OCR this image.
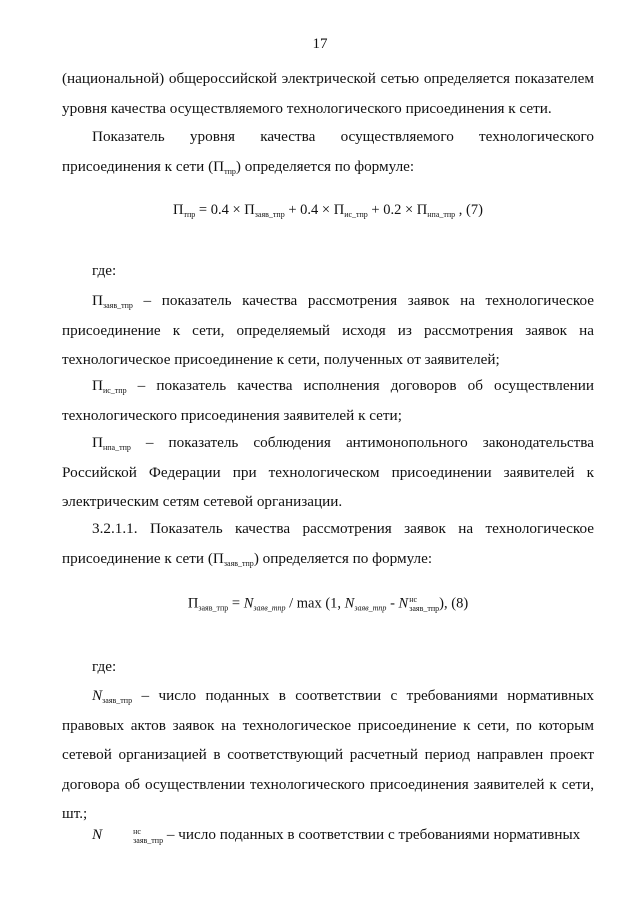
17

(национальной) общероссийской электрической сетью определяется показателем уровня качества осуществляемого технологического присоединения к сети.

Показатель уровня качества осуществляемого технологического присоединения к сети $(П_{тпр})$ определяется по формуле:

$П_{тпр} = 0.4 \times П_{заяв\_тпр} + 0.4 \times П_{ис\_тпр} + 0.2 \times П_{нпа\_тпр}$ , (7)

где:

$П_{заяв\_тпр}$ – показатель качества рассмотрения заявок на технологическое присоединение к сети, определяемый исходя из рассмотрения заявок на технологическое присоединение к сети, полученных от заявителей;

$П_{ис\_тпр}$ – показатель качества исполнения договоров об осуществлении технологического присоединения заявителей к сети;

$П_{нпа\_тпр}$ – показатель соблюдения антимонопольного законодательства Российской Федерации при технологическом присоединении заявителей к электрическим сетям сетевой организации.

3.2.1.1. Показатель качества рассмотрения заявок на технологическое присоединение к сети $(П_{заяв\_тпр})$ определяется по формуле:

$П_{заяв\_тпр} = N_{заяв\_тпр} / \max (1$, $N_{заяв\_тпр}$ - N нс
заяв_тпр ), (8)

где:

$N_{заяв\_тпр}$ – число поданных в соответствии с требованиями нормативных правовых актов заявок на технологическое присоединение к сети, по которым сетевой организацией в соответствующий расчетный период направлен проект договора об осуществлении технологического присоединения заявителей к сети, шт.;

N	нс
заяв_тпр – число поданных в соответствии с требованиями нормативных
